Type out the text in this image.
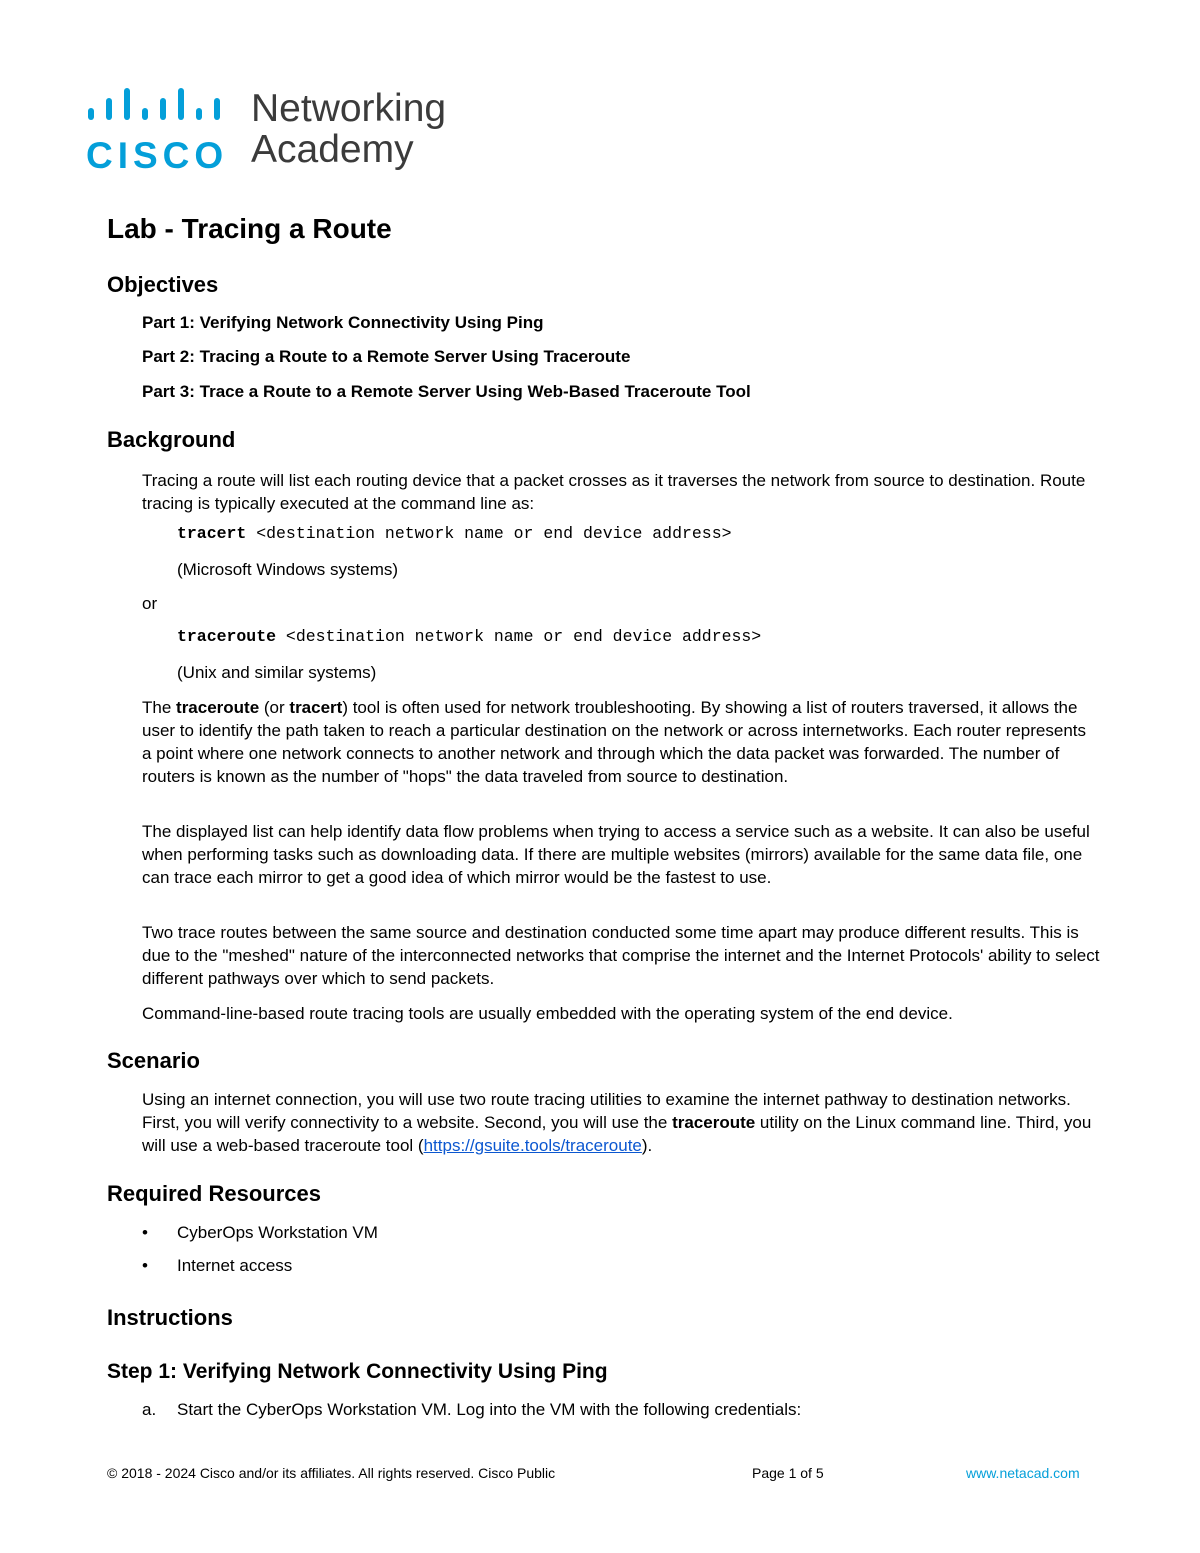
CISCO
Networking
Academy
Lab - Tracing a Route
Objectives
Part 1: Verifying Network Connectivity Using Ping
Part 2: Tracing a Route to a Remote Server Using Traceroute
Part 3: Trace a Route to a Remote Server Using Web-Based Traceroute Tool
Background
Tracing a route will list each routing device that a packet crosses as it traverses the network from source to destination. Route tracing is typically executed at the command line as:
tracert <destination network name or end device address>
(Microsoft Windows systems)
or
traceroute <destination network name or end device address>
(Unix and similar systems)
The traceroute (or tracert) tool is often used for network troubleshooting. By showing a list of routers traversed, it allows the user to identify the path taken to reach a particular destination on the network or across internetworks. Each router represents a point where one network connects to another network and through which the data packet was forwarded. The number of routers is known as the number of "hops" the data traveled from source to destination.
The displayed list can help identify data flow problems when trying to access a service such as a website. It can also be useful when performing tasks such as downloading data. If there are multiple websites (mirrors) available for the same data file, one can trace each mirror to get a good idea of which mirror would be the fastest to use.
Two trace routes between the same source and destination conducted some time apart may produce different results. This is due to the "meshed" nature of the interconnected networks that comprise the internet and the Internet Protocols' ability to select different pathways over which to send packets.
Command-line-based route tracing tools are usually embedded with the operating system of the end device.
Scenario
Using an internet connection, you will use two route tracing utilities to examine the internet pathway to destination networks. First, you will verify connectivity to a website. Second, you will use the traceroute utility on the Linux command line. Third, you will use a web-based traceroute tool (https://gsuite.tools/traceroute).
Required Resources
• CyberOps Workstation VM
• Internet access
Instructions
Step 1: Verifying Network Connectivity Using Ping
a. Start the CyberOps Workstation VM. Log into the VM with the following credentials:
© 2018 - 2024 Cisco and/or its affiliates. All rights reserved. Cisco Public	Page 1 of 5	www.netacad.com
